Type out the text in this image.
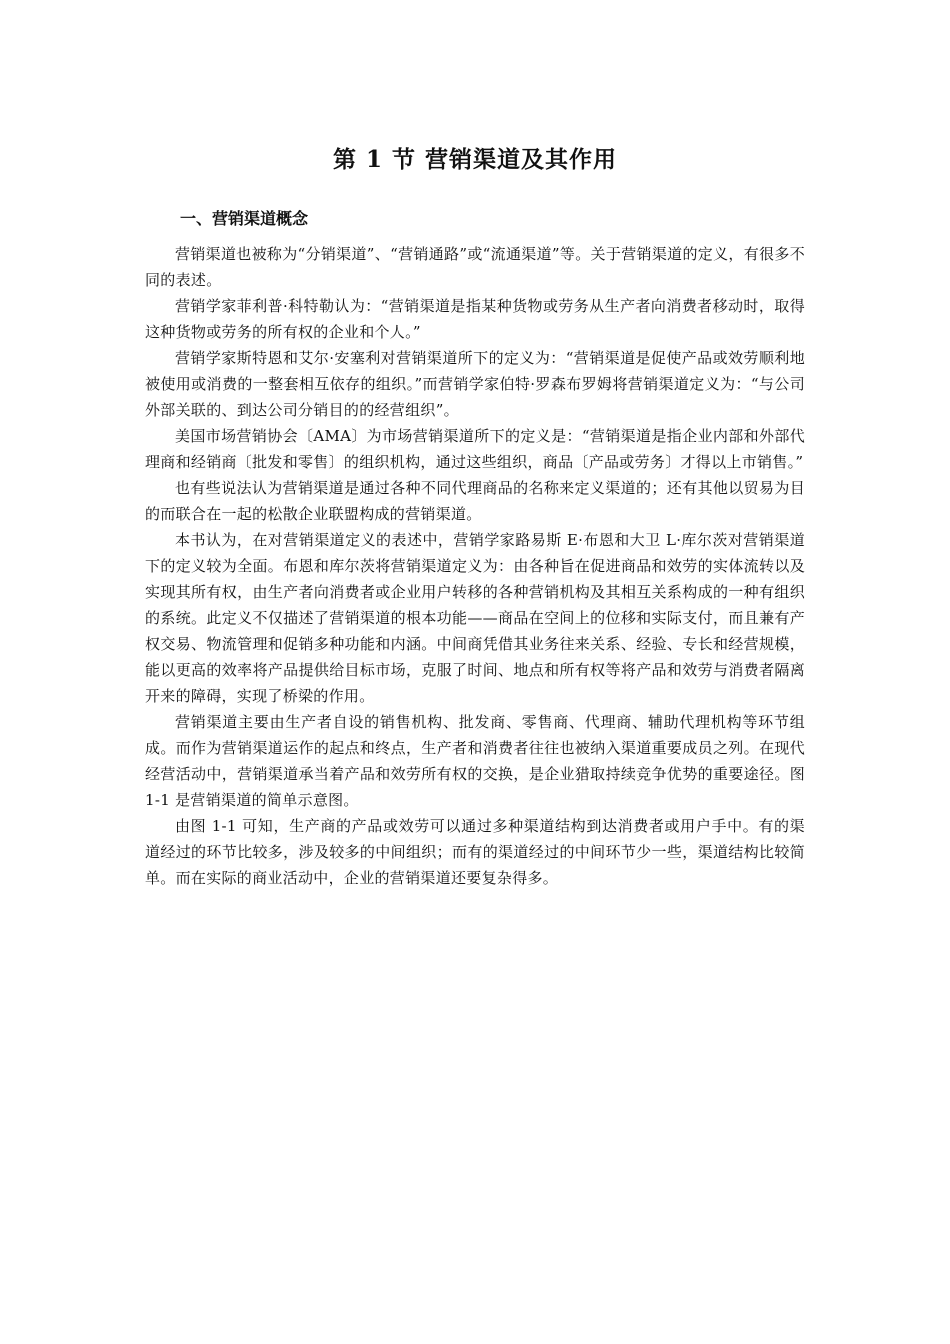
第 1 节 营销渠道及其作用
一、营销渠道概念

营销渠道也被称为“分销渠道”、“营销通路”或“流通渠道”等。关于营销渠道的定义，有很多不同的表述。

营销学家菲利普·科特勒认为：“营销渠道是指某种货物或劳务从生产者向消费者移动时，取得这种货物或劳务的所有权的企业和个人。”

营销学家斯特恩和艾尔·安塞利对营销渠道所下的定义为：“营销渠道是促使产品或效劳顺利地被使用或消费的一整套相互依存的组织。”而营销学家伯特·罗森布罗姆将营销渠道定义为：“与公司外部关联的、到达公司分销目的的经营组织”。

美国市场营销协会〔AMA〕为市场营销渠道所下的定义是：“营销渠道是指企业内部和外部代理商和经销商〔批发和零售〕的组织机构，通过这些组织，商品〔产品或劳务〕才得以上市销售。”

也有些说法认为营销渠道是通过各种不同代理商品的名称来定义渠道的；还有其他以贸易为目的而联合在一起的松散企业联盟构成的营销渠道。

本书认为，在对营销渠道定义的表述中，营销学家路易斯 E·布恩和大卫 L·库尔茨对营销渠道下的定义较为全面。布恩和库尔茨将营销渠道定义为：由各种旨在促进商品和效劳的实体流转以及实现其所有权，由生产者向消费者或企业用户转移的各种营销机构及其相互关系构成的一种有组织的系统。此定义不仅描述了营销渠道的根本功能——商品在空间上的位移和实际支付，而且兼有产权交易、物流管理和促销多种功能和内涵。中间商凭借其业务往来关系、经验、专长和经营规模，能以更高的效率将产品提供给目标市场，克服了时间、地点和所有权等将产品和效劳与消费者隔离开来的障碍，实现了桥梁的作用。

营销渠道主要由生产者自设的销售机构、批发商、零售商、代理商、辅助代理机构等环节组成。而作为营销渠道运作的起点和终点，生产者和消费者往往也被纳入渠道重要成员之列。在现代经营活动中，营销渠道承当着产品和效劳所有权的交换，是企业猎取持续竞争优势的重要途径。图 1-1 是营销渠道的简单示意图。

由图 1-1 可知，生产商的产品或效劳可以通过多种渠道结构到达消费者或用户手中。有的渠道经过的环节比较多，涉及较多的中间组织；而有的渠道经过的中间环节少一些，渠道结构比较简单。而在实际的商业活动中，企业的营销渠道还要复杂得多。
